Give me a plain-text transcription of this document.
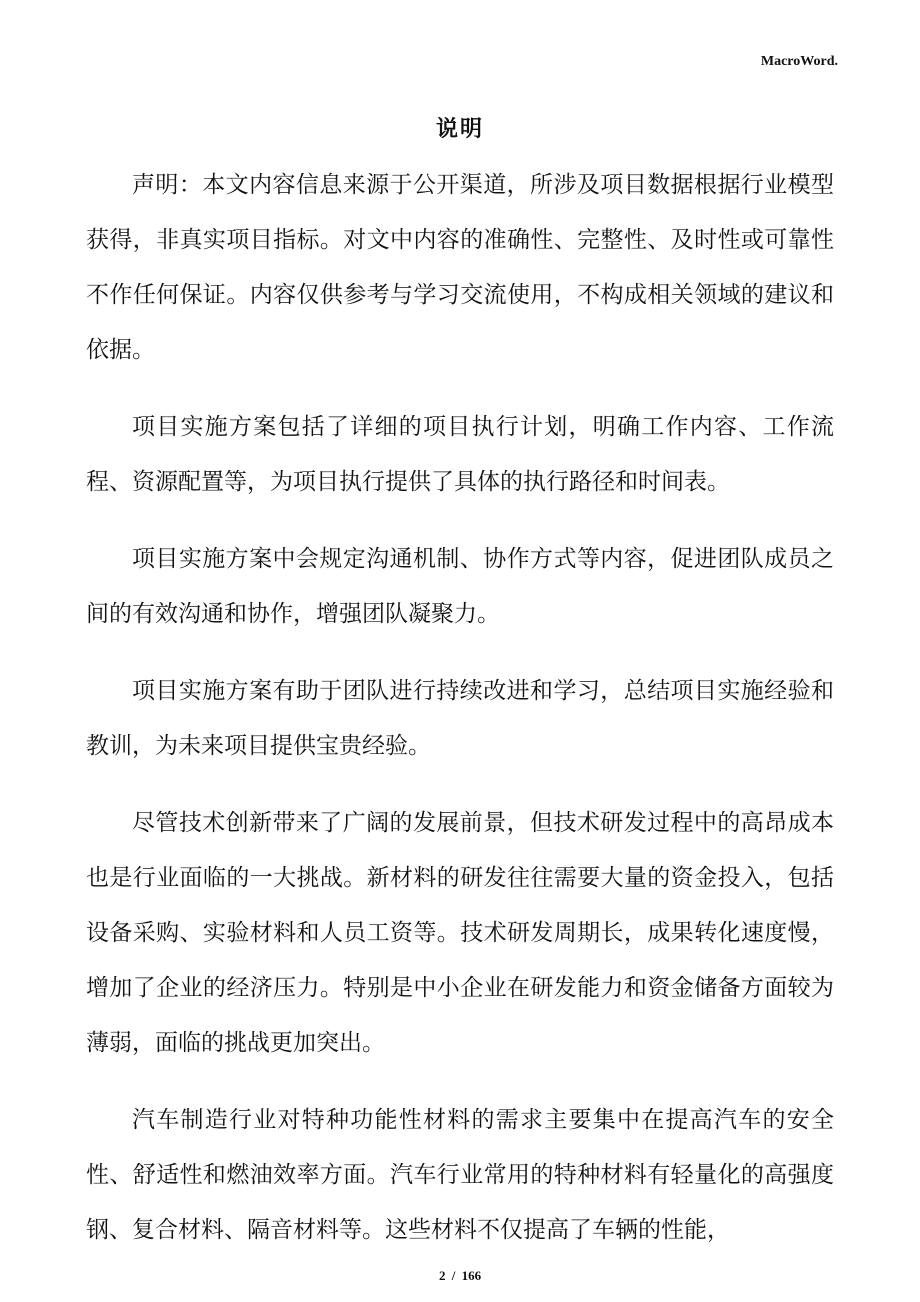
MacroWord.
说明

声明：本文内容信息来源于公开渠道，所涉及项目数据根据行业模型获得，非真实项目指标。对文中内容的准确性、完整性、及时性或可靠性不作任何保证。内容仅供参考与学习交流使用，不构成相关领域的建议和依据。

项目实施方案包括了详细的项目执行计划，明确工作内容、工作流程、资源配置等，为项目执行提供了具体的执行路径和时间表。

项目实施方案中会规定沟通机制、协作方式等内容，促进团队成员之间的有效沟通和协作，增强团队凝聚力。

项目实施方案有助于团队进行持续改进和学习，总结项目实施经验和教训，为未来项目提供宝贵经验。

尽管技术创新带来了广阔的发展前景，但技术研发过程中的高昂成本也是行业面临的一大挑战。新材料的研发往往需要大量的资金投入，包括设备采购、实验材料和人员工资等。技术研发周期长，成果转化速度慢，增加了企业的经济压力。特别是中小企业在研发能力和资金储备方面较为薄弱，面临的挑战更加突出。

汽车制造行业对特种功能性材料的需求主要集中在提高汽车的安全性、舒适性和燃油效率方面。汽车行业常用的特种材料有轻量化的高强度钢、复合材料、隔音材料等。这些材料不仅提高了车辆的性能，

2 / 166
